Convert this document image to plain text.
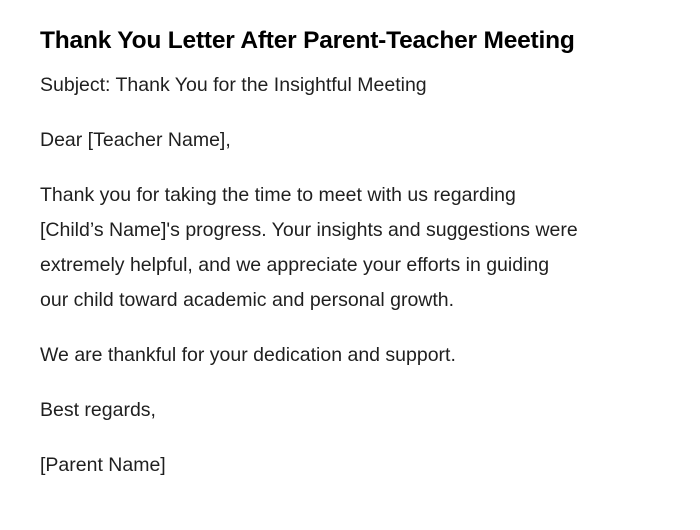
Thank You Letter After Parent-Teacher Meeting

Subject: Thank You for the Insightful Meeting

Dear [Teacher Name],

Thank you for taking the time to meet with us regarding
[Child’s Name]'s progress. Your insights and suggestions were
extremely helpful, and we appreciate your efforts in guiding
our child toward academic and personal growth.

We are thankful for your dedication and support.

Best regards,

[Parent Name]
